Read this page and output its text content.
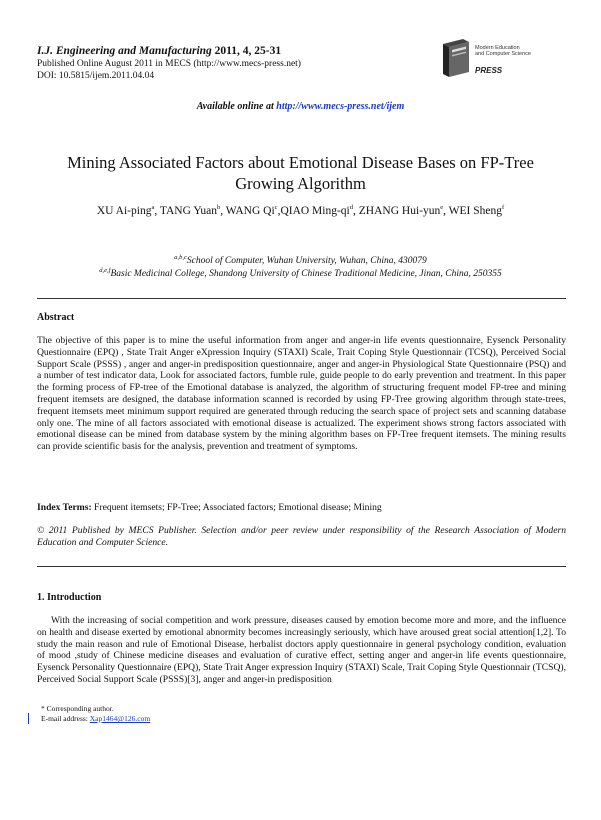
I.J. Engineering and Manufacturing 2011, 4, 25-31
Published Online August 2011 in MECS (http://www.mecs-press.net)
DOI: 10.5815/ijem.2011.04.04
Modern Education
and Computer Science
PRESS
Available online at http://www.mecs-press.net/ijem
Mining Associated Factors about Emotional Disease Bases on FP-Tree Growing Algorithm
XU Ai-ping$^a$, TANG Yuan$^b$, WANG Qi$^c$,QIAO Ming-$qi^d$, ZHANG Hui-yun$^e$, WEI Sheng$^f$
$^{a,b,c}$School of Computer, Wuhan University, Wuhan, China, 430079
$^{d,e,f}$Basic Medicinal College, Shandong University of Chinese Traditional Medicine, Jinan, China, 250355
Abstract
The objective of this paper is to mine the useful information from anger and anger-in life events questionnaire, Eysenck Personality Questionnaire (EPQ) , State Trait Anger eXpression Inquiry (STAXI) Scale, Trait Coping Style Questionnair (TCSQ), Perceived Social Support Scale (PSSS) , anger and anger-in predisposition questionnaire, anger and anger-in Physiological State Questionnaire (PSQ) and a number of test indicator data, Look for associated factors, fumble rule, guide people to do early prevention and treatment. In this paper the forming process of FP-tree of the Emotional database is analyzed, the algorithm of structuring frequent model FP-tree and mining frequent itemsets are designed, the database information scanned is recorded by using FP-Tree growing algorithm through state-trees, frequent itemsets meet minimum support required are generated through reducing the search space of project sets and scanning database only one. The mine of all factors associated with emotional disease is actualized. The experiment shows strong factors associated with emotional disease can be mined from database system by the mining algorithm bases on FP-Tree frequent itemsets. The mining results can provide scientific basis for the analysis, prevention and treatment of symptoms.
Index Terms: Frequent itemsets; FP-Tree; Associated factors; Emotional disease; Mining
© 2011 Published by MECS Publisher. Selection and/or peer review under responsibility of the Research Association of Modern Education and Computer Science.
1. Introduction
With the increasing of social competition and work pressure, diseases caused by emotion become more and more, and the influence on health and disease exerted by emotional abnormity becomes increasingly seriously, which have aroused great social attention[1,2]. To study the main reason and rule of Emotional Disease, herbalist doctors apply questionnaire in general psychology condition, evaluation of mood ,study of Chinese medicine diseases and evaluation of curative effect, setting anger and anger-in life events questionnaire, Eysenck Personality Questionnaire (EPQ), State Trait Anger expression Inquiry (STAXI) Scale, Trait Coping Style Questionnair (TCSQ), Perceived Social Support Scale (PSSS)[3], anger and anger-in predisposition
* Corresponding author.
E-mail address: Xap1464@126.com
